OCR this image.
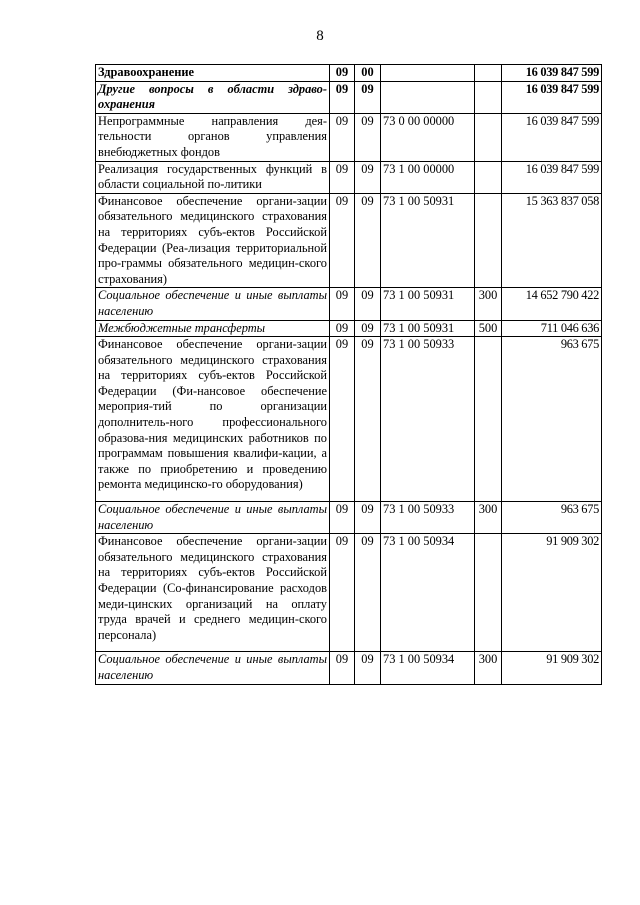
8
Здравоохранение	09	00			16 039 847 599
Другие вопросы в области здраво-охранения	09	09			16 039 847 599
Непрограммные направления дея-тельности органов управления внебюджетных фондов	09	09	73 0 00 00000		16 039 847 599
Реализация государственных функций в области социальной по-литики	09	09	73 1 00 00000		16 039 847 599
Финансовое обеспечение органи-зации обязательного медицинского страхования на территориях субъ-ектов Российской Федерации (Реа-лизация территориальной про-граммы обязательного медицин-ского страхования)	09	09	73 1 00 50931		15 363 837 058
Социальное обеспечение и иные выплаты населению	09	09	73 1 00 50931	300	14 652 790 422
Межбюджетные трансферты	09	09	73 1 00 50931	500	711 046 636
Финансовое обеспечение органи-зации обязательного медицинского страхования на территориях субъ-ектов Российской Федерации (Фи-нансовое обеспечение мероприя-тий по организации дополнитель-ного профессионального образова-ния медицинских работников по программам повышения квалифи-кации, а также по приобретению и проведению ремонта медицинско-го оборудования)	09	09	73 1 00 50933		963 675
Социальное обеспечение и иные выплаты населению	09	09	73 1 00 50933	300	963 675
Финансовое обеспечение органи-зации обязательного медицинского страхования на территориях субъ-ектов Российской Федерации (Со-финансирование расходов меди-цинских организаций на оплату труда врачей и среднего медицин-ского персонала)	09	09	73 1 00 50934		91 909 302
Социальное обеспечение и иные выплаты населению	09	09	73 1 00 50934	300	91 909 302
